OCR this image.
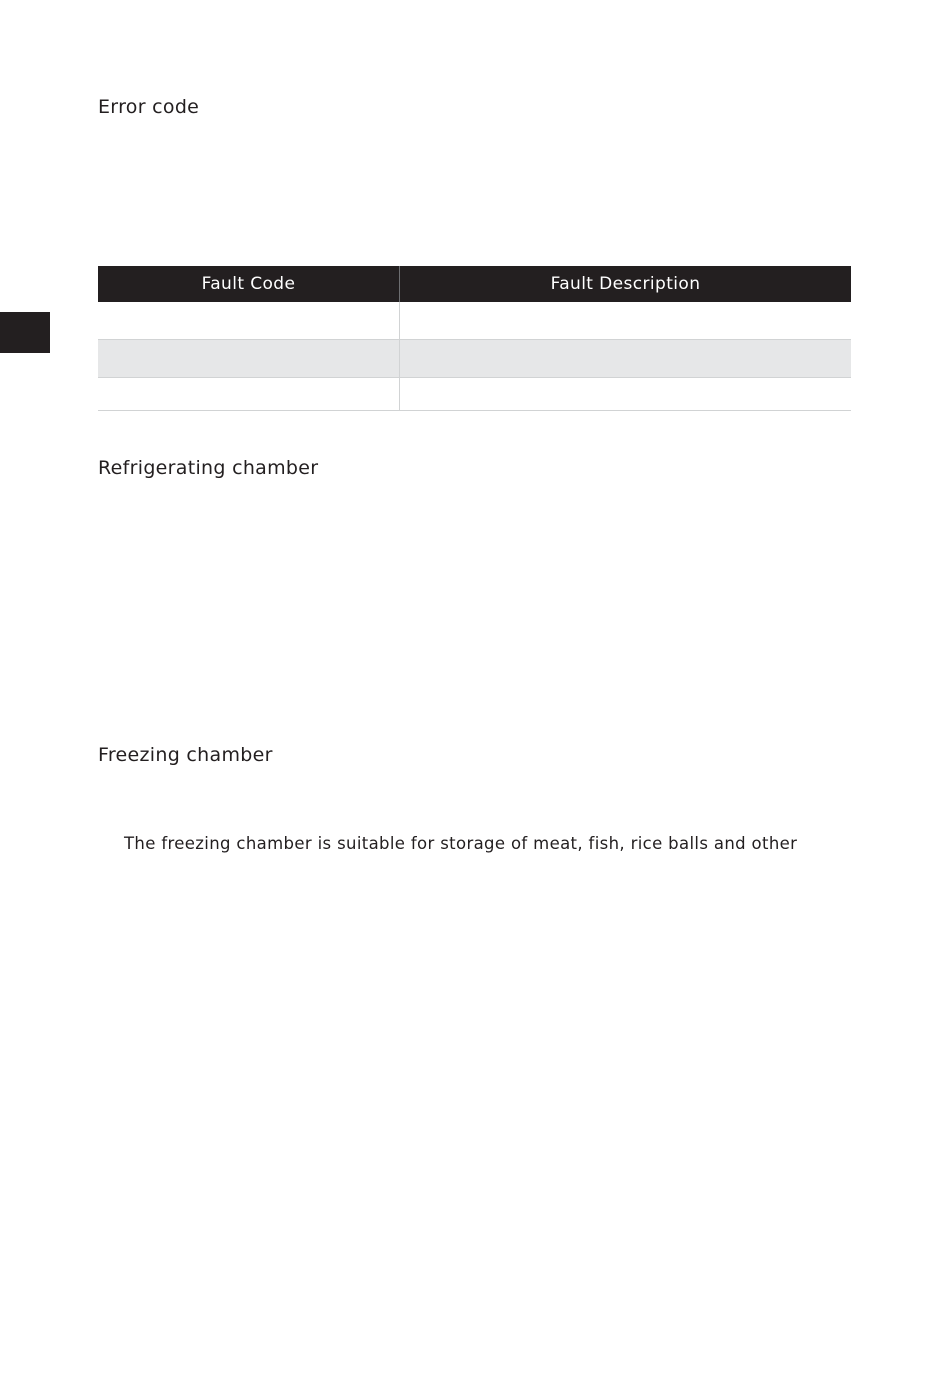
Error code
Fault Code	Fault Description

Refrigerating chamber
Freezing chamber

The freezing chamber is suitable for storage of meat, fish, rice balls and other
